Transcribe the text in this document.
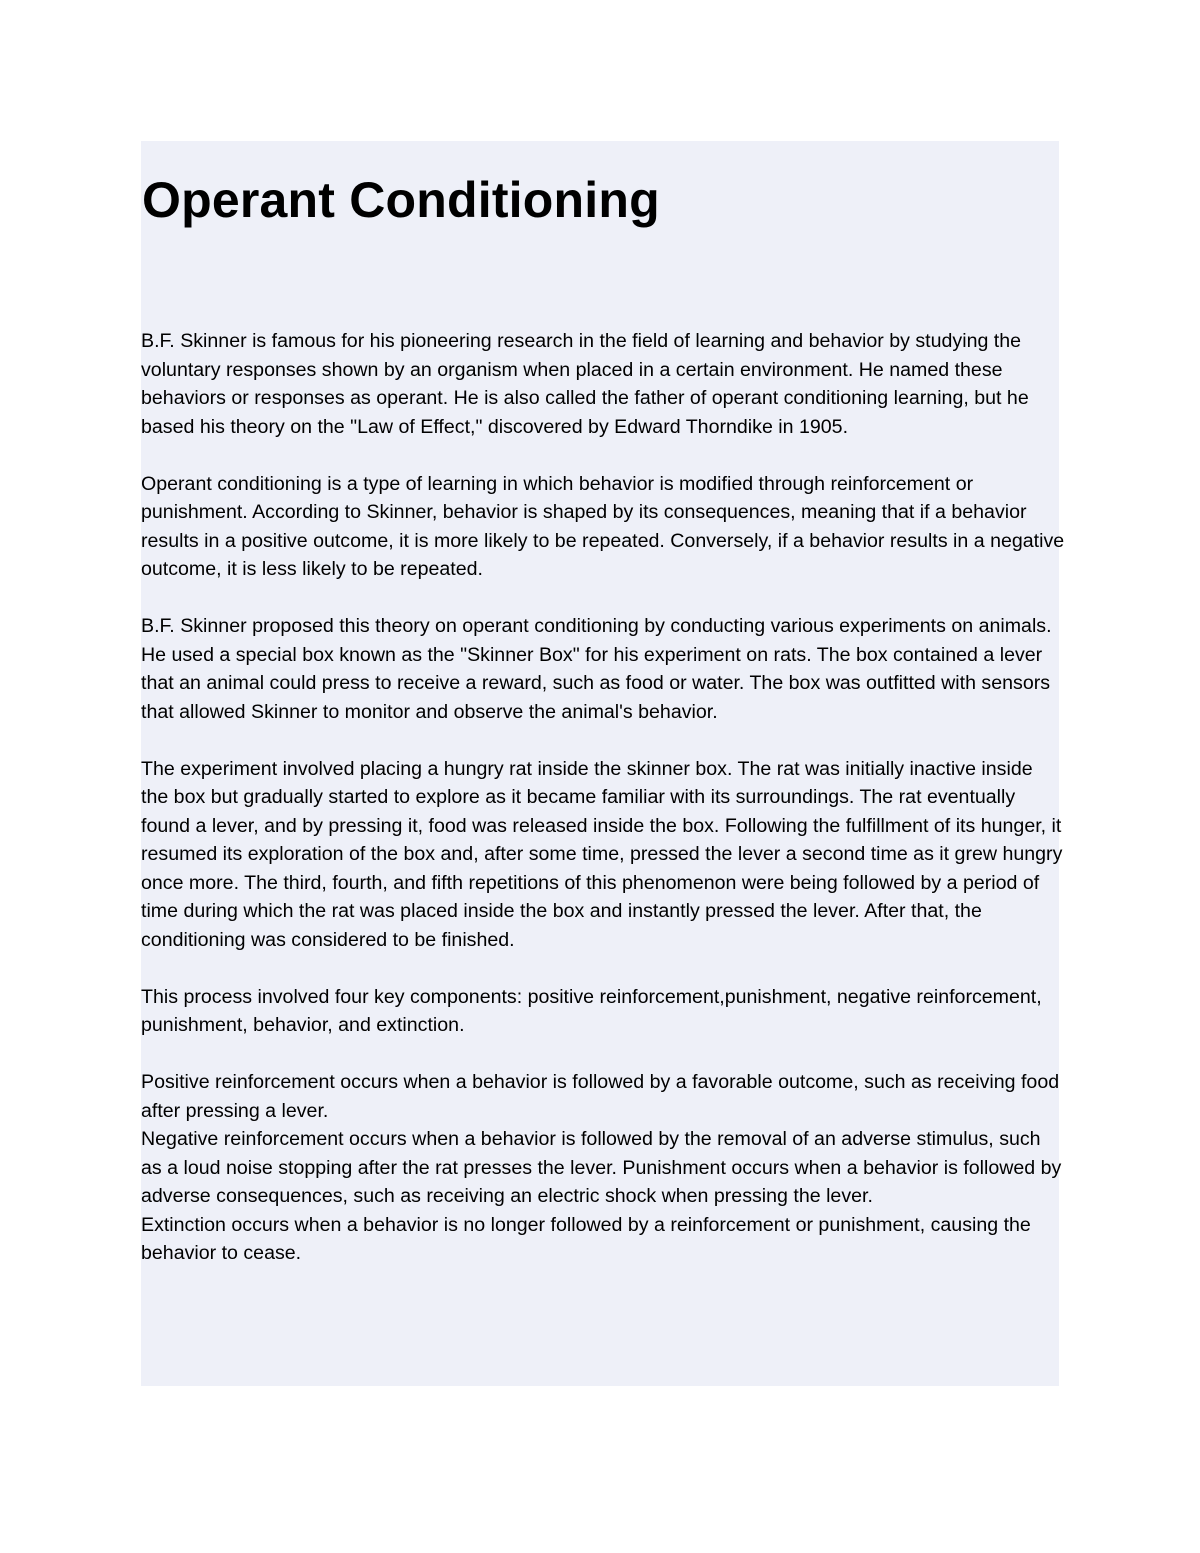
Operant Conditioning

B.F. Skinner is famous for his pioneering research in the field of learning and behavior by studying the voluntary responses shown by an organism when placed in a certain environment. He named these behaviors or responses as operant. He is also called the father of operant conditioning learning, but he based his theory on the "Law of Effect," discovered by Edward Thorndike in 1905.

Operant conditioning is a type of learning in which behavior is modified through reinforcement or punishment. According to Skinner, behavior is shaped by its consequences, meaning that if a behavior results in a positive outcome, it is more likely to be repeated. Conversely, if a behavior results in a negative outcome, it is less likely to be repeated.

B.F. Skinner proposed this theory on operant conditioning by conducting various experiments on animals. He used a special box known as the "Skinner Box" for his experiment on rats. The box contained a lever that an animal could press to receive a reward, such as food or water. The box was outfitted with sensors that allowed Skinner to monitor and observe the animal's behavior.

The experiment involved placing a hungry rat inside the skinner box. The rat was initially inactive inside the box but gradually started to explore as it became familiar with its surroundings. The rat eventually found a lever, and by pressing it, food was released inside the box. Following the fulfillment of its hunger, it resumed its exploration of the box and, after some time, pressed the lever a second time as it grew hungry once more. The third, fourth, and fifth repetitions of this phenomenon were being followed by a period of time during which the rat was placed inside the box and instantly pressed the lever. After that, the conditioning was considered to be finished.

This process involved four key components: positive reinforcement,punishment, negative reinforcement, punishment, behavior, and extinction.

Positive reinforcement occurs when a behavior is followed by a favorable outcome, such as receiving food after pressing a lever.

Negative reinforcement occurs when a behavior is followed by the removal of an adverse stimulus, such as a loud noise stopping after the rat presses the lever. Punishment occurs when a behavior is followed by adverse consequences, such as receiving an electric shock when pressing the lever.

Extinction occurs when a behavior is no longer followed by a reinforcement or punishment, causing the behavior to cease.
